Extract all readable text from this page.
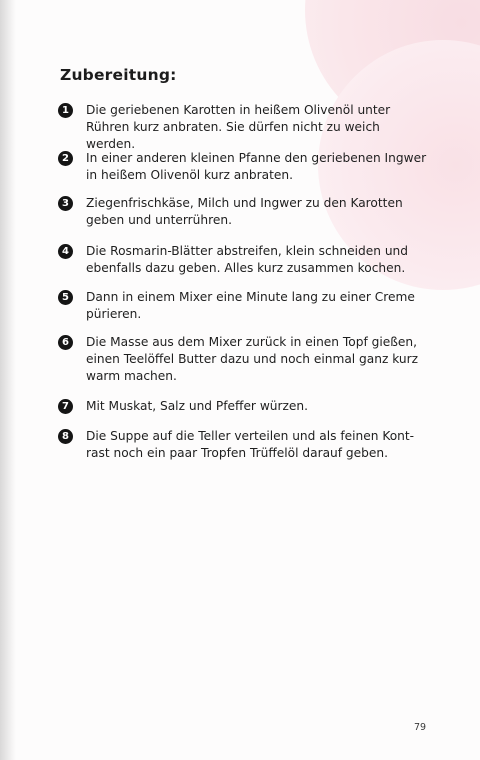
Zubereitung:
1	Die geriebenen Karotten in heißem Olivenöl unter Rühren kurz anbraten. Sie dürfen nicht zu weich werden.
2	In einer anderen kleinen Pfanne den geriebenen Ingwer in heißem Olivenöl kurz anbraten.
3	Ziegenfrischkäse, Milch und Ingwer zu den Karotten geben und unterrühren.
4	Die Rosmarin-Blätter abstreifen, klein schneiden und ebenfalls dazu geben. Alles kurz zusammen kochen.
5	Dann in einem Mixer eine Minute lang zu einer Creme pürieren.
6	Die Masse aus dem Mixer zurück in einen Topf gießen, einen Teelöffel Butter dazu und noch einmal ganz kurz warm machen.
7	Mit Muskat, Salz und Pfeffer würzen.
8	Die Suppe auf die Teller verteilen und als feinen Kont- rast noch ein paar Tropfen Trüffelöl darauf geben.
79
